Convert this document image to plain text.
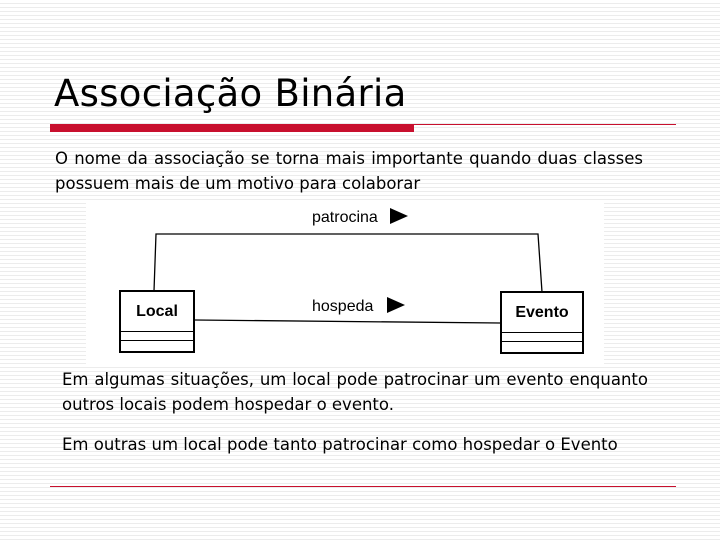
Associação Binária

O nome da associação se torna mais importante quando duas classes possuem mais de um motivo para colaborar

patrocina
hospeda
Local	Evento

Em algumas situações, um local pode patrocinar um evento enquanto outros locais podem hospedar o evento.

Em outras um local pode tanto patrocinar como hospedar o Evento
